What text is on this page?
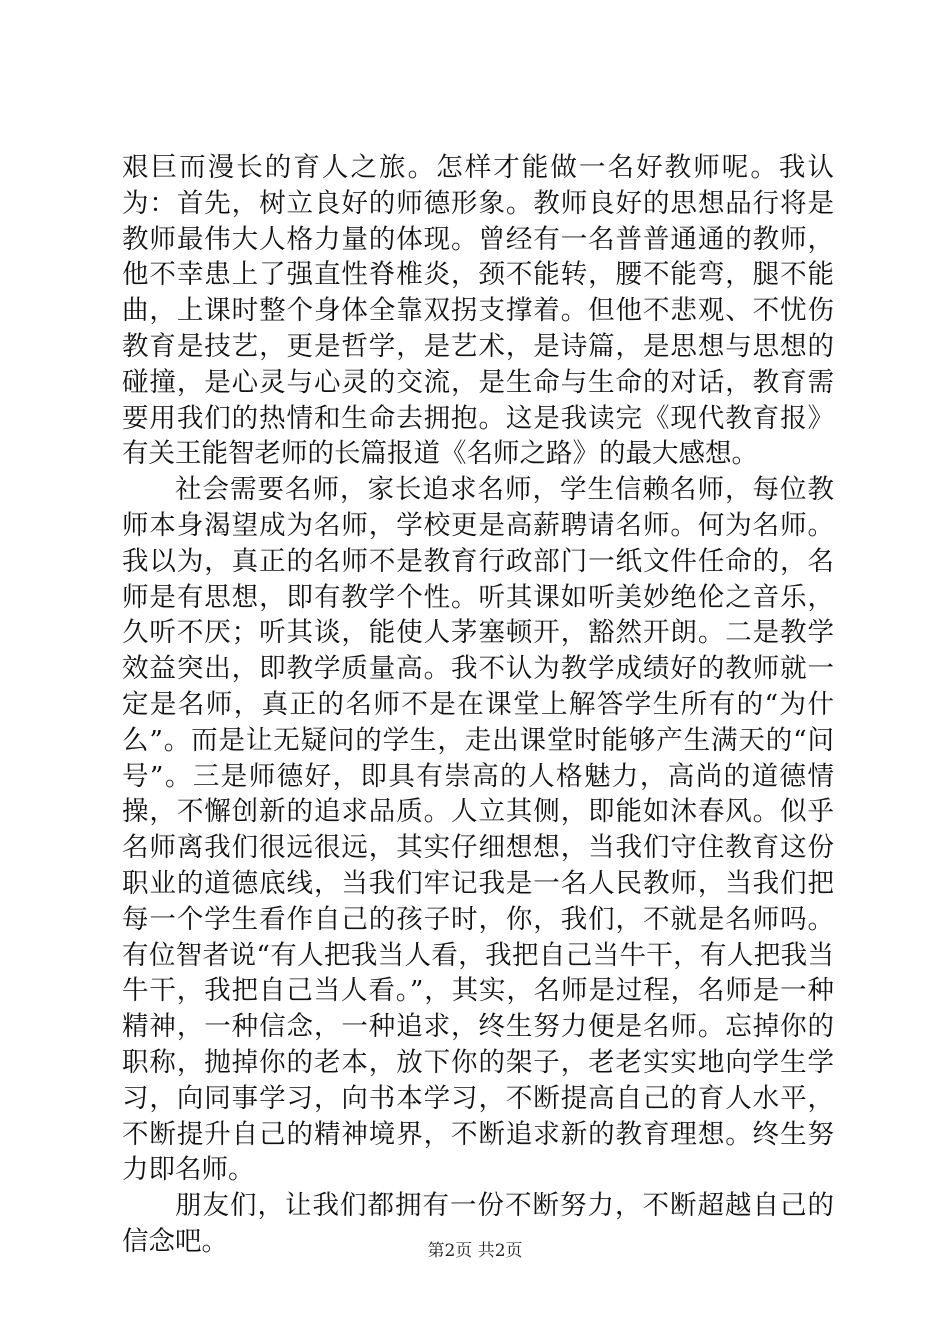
艰巨而漫长的育人之旅。怎样才能做一名好教师呢。我认为：首先，树立良好的师德形象。教师良好的思想品行将是教师最伟大人格力量的体现。曾经有一名普普通通的教师，他不幸患上了强直性脊椎炎，颈不能转，腰不能弯，腿不能曲，上课时整个身体全靠双拐支撑着。但他不悲观、不忧伤教育是技艺，更是哲学，是艺术，是诗篇，是思想与思想的碰撞，是心灵与心灵的交流，是生命与生命的对话，教育需要用我们的热情和生命去拥抱。这是我读完《现代教育报》有关王能智老师的长篇报道《名师之路》的最大感想。

社会需要名师，家长追求名师，学生信赖名师，每位教师本身渴望成为名师，学校更是高薪聘请名师。何为名师。我以为，真正的名师不是教育行政部门一纸文件任命的，名师是有思想，即有教学个性。听其课如听美妙绝伦之音乐，久听不厌；听其谈，能使人茅塞顿开，豁然开朗。二是教学效益突出，即教学质量高。我不认为教学成绩好的教师就一定是名师，真正的名师不是在课堂上解答学生所有的“为什么”。而是让无疑问的学生，走出课堂时能够产生满天的“问号”。三是师德好，即具有崇高的人格魅力，高尚的道德情操，不懈创新的追求品质。人立其侧，即能如沐春风。似乎名师离我们很远很远，其实仔细想想，当我们守住教育这份职业的道德底线，当我们牢记我是一名人民教师，当我们把每一个学生看作自己的孩子时，你，我们，不就是名师吗。有位智者说“有人把我当人看，我把自己当牛干，有人把我当牛干，我把自己当人看。”，其实，名师是过程，名师是一种精神，一种信念，一种追求，终生努力便是名师。忘掉你的职称，抛掉你的老本，放下你的架子，老老实实地向学生学习，向同事学习，向书本学习，不断提高自己的育人水平，不断提升自己的精神境界，不断追求新的教育理想。终生努力即名师。

朋友们，让我们都拥有一份不断努力，不断超越自己的信念吧。	第2页 共2页
